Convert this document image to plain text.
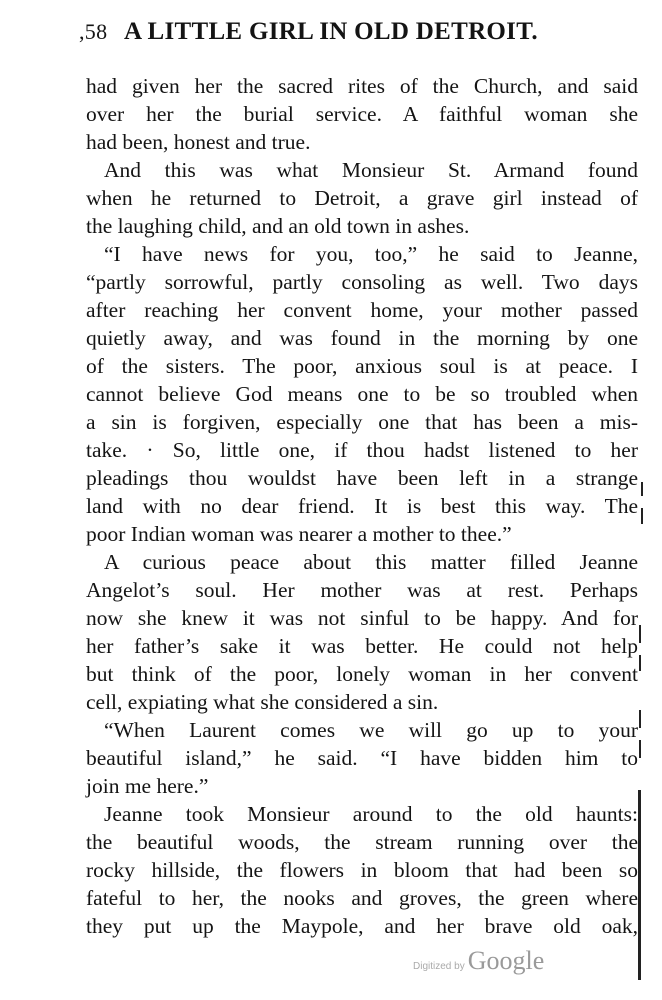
,58 A LITTLE GIRL IN OLD DETROIT.
had given her the sacred rites of the Church, and said
over her the burial service. A faithful woman she
had been, honest and true.
And this was what Monsieur St. Armand found
when he returned to Detroit, a grave girl instead of
the laughing child, and an old town in ashes.
“I have news for you, too,” he said to Jeanne,
“partly sorrowful, partly consoling as well. Two days
after reaching her convent home, your mother passed
quietly away, and was found in the morning by one
of the sisters. The poor, anxious soul is at peace. I
cannot believe God means one to be so troubled when
a sin is forgiven, especially one that has been a mis-
take. · So, little one, if thou hadst listened to her
pleadings thou wouldst have been left in a strange
land with no dear friend. It is best this way. The
poor Indian woman was nearer a mother to thee.”
A curious peace about this matter filled Jeanne
Angelot’s soul. Her mother was at rest. Perhaps
now she knew it was not sinful to be happy. And for
her father’s sake it was better. He could not help
but think of the poor, lonely woman in her convent
cell, expiating what she considered a sin.
“When Laurent comes we will go up to your
beautiful island,” he said. “I have bidden him to
join me here.”
Jeanne took Monsieur around to the old haunts:
the beautiful woods, the stream running over the
rocky hillside, the flowers in bloom that had been so
fateful to her, the nooks and groves, the green where
they put up the Maypole, and her brave old oak,
Digitized by Google
